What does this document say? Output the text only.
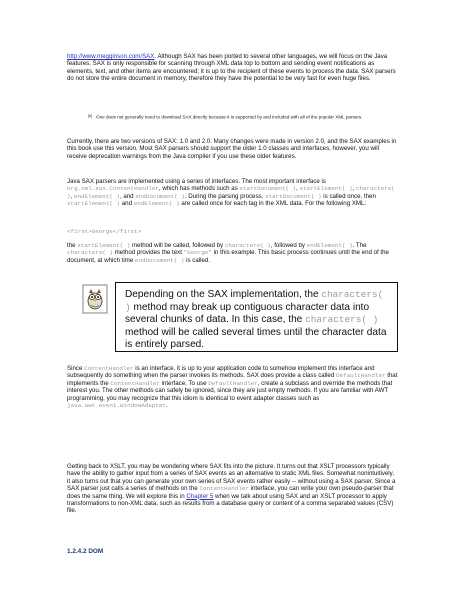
http://www.megginson.com/SAX. Although SAX has been ported to several other languages, we will focus on the Java features. SAX is only responsible for scanning through XML data top to bottom and sending event notifications as elements, text, and other items are encountered; it is up to the recipient of these events to process the data. SAX parsers do not store the entire document in memory, therefore they have the potential to be very fast for even huge files.

[6] One does not generally need to download SAX directly because it is supported by and included with all of the popular XML parsers.

Currently, there are two versions of SAX: 1.0 and 2.0. Many changes were made in version 2.0, and the SAX examples in this book use this version. Most SAX parsers should support the older 1.0 classes and interfaces, however, you will receive deprecation warnings from the Java compiler if you use these older features.

Java SAX parsers are implemented using a series of interfaces. The most important interface is org.xml.sax.ContentHandler, which has methods such as startDocument( ), startElement( ), characters( ), endElement( ), and endDocument( ). During the parsing process, startDocument( ) is called once, then startElement( ) and endElement( ) are called once for each tag in the XML data. For the following XML:

<first>George</first>

the startElement( ) method will be called, followed by characters( ), followed by endElement( ). The characters( ) method provides the text "George" in this example. This basic process continues until the end of the document, at which time endDocument( ) is called.

Depending on the SAX implementation, the characters( ) method may break up contiguous character data into several chunks of data. In this case, the characters( ) method will be called several times until the character data is entirely parsed.

Since ContentHandler is an interface, it is up to your application code to somehow implement this interface and subsequently do something when the parser invokes its methods. SAX does provide a class called DefaultHandler that implements the ContentHandler interface. To use DefaultHandler, create a subclass and override the methods that interest you. The other methods can safely be ignored, since they are just empty methods. If you are familiar with AWT programming, you may recognize that this idiom is identical to event adapter classes such as java.awt.event.WindowAdapter.

Getting back to XSLT, you may be wondering where SAX fits into the picture. It turns out that XSLT processors typically have the ability to gather input from a series of SAX events as an alternative to static XML files. Somewhat nonintuitively, it also turns out that you can generate your own series of SAX events rather easily -- without using a SAX parser. Since a SAX parser just calls a series of methods on the ContentHandler interface, you can write your own pseudo-parser that does the same thing. We will explore this in Chapter 5 when we talk about using SAX and an XSLT processor to apply transformations to non-XML data, such as results from a database query or content of a comma separated values (CSV) file.

1.2.4.2 DOM
